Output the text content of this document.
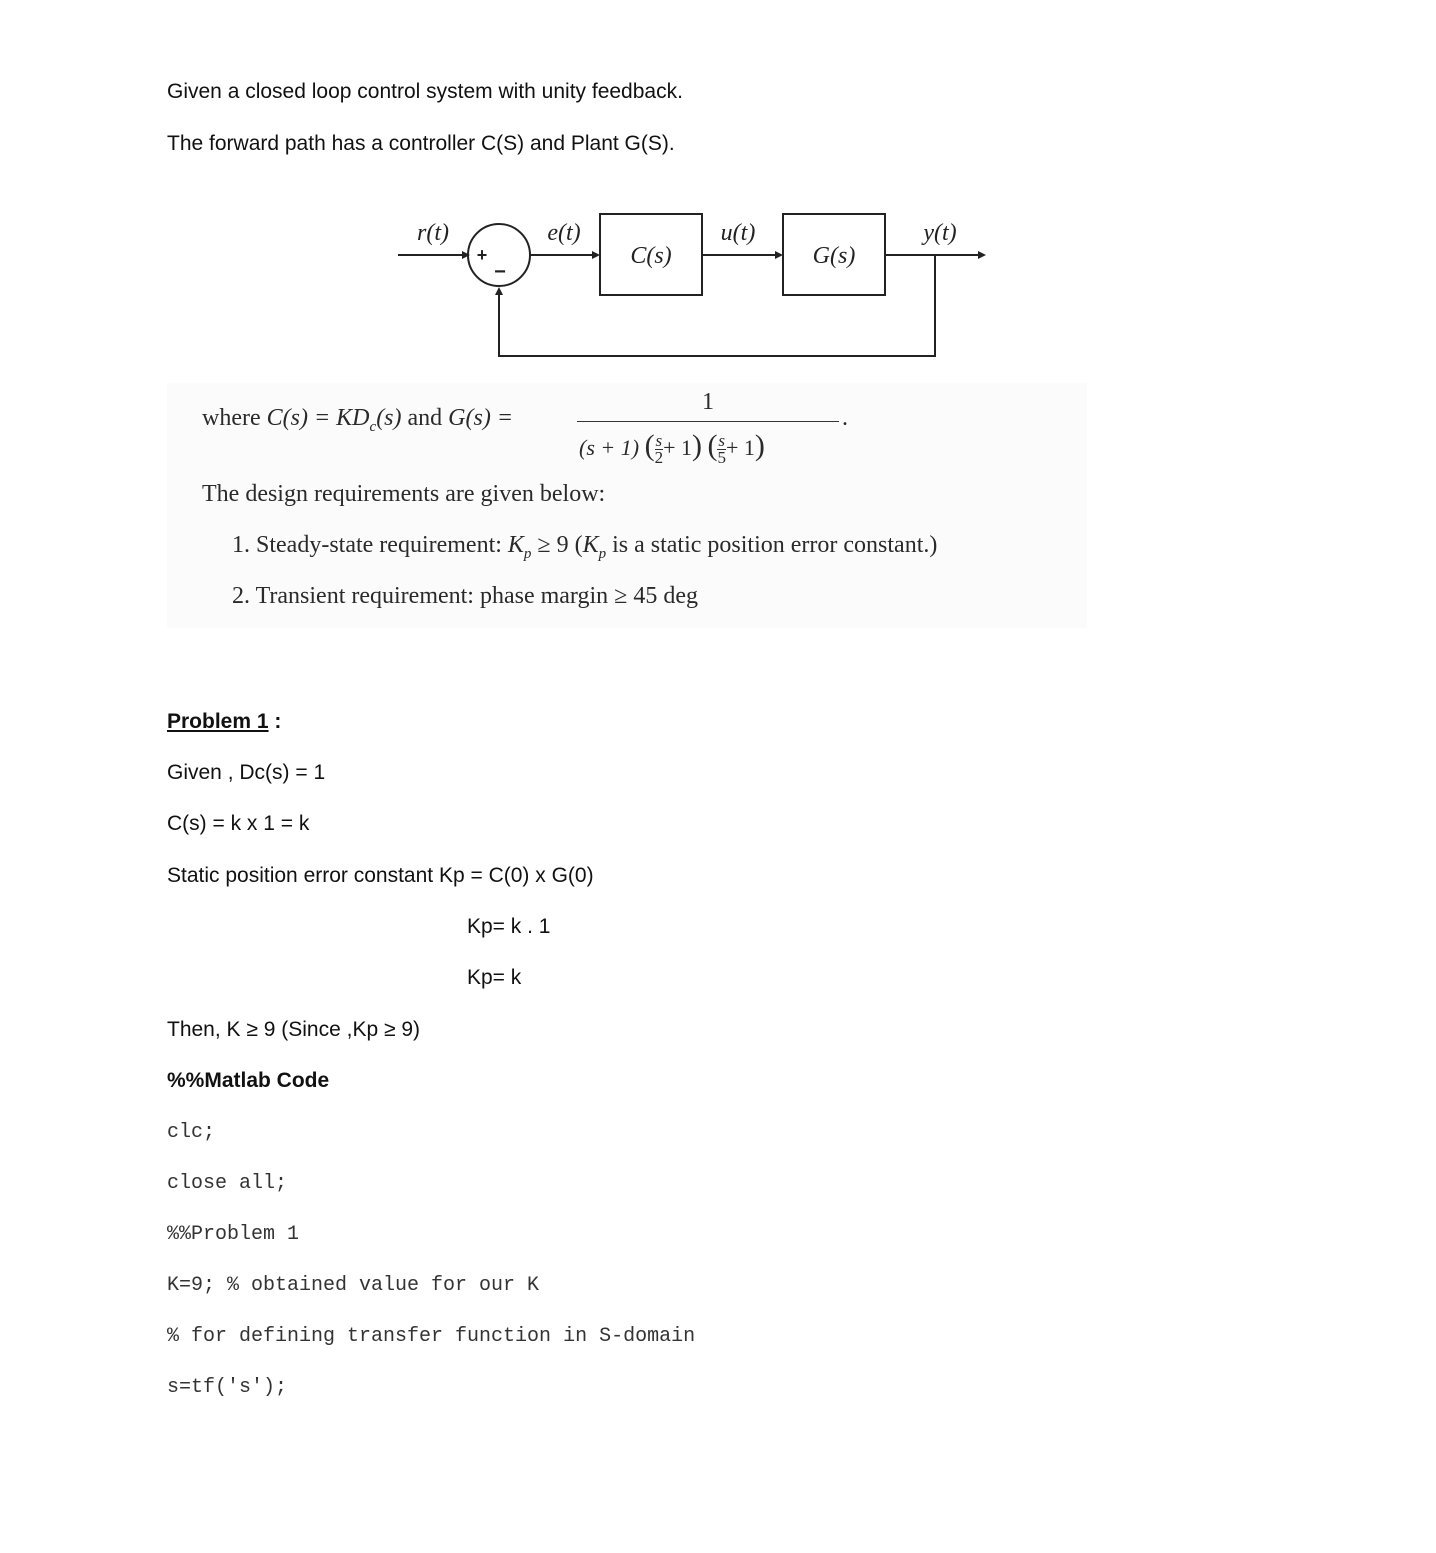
Given a closed loop control system with unity feedback.
The forward path has a controller C(S) and Plant G(S).
r(t)	e(t)	u(t)	y(t)
C(s)	G(s)
+
−
where $C(s) = KD_c(s)$ and G(s) =
1
(s + 1) ( $\frac{s}{2} + 1$) ( $\frac{s}{5} + 1$)
.
The design requirements are given below:
1. Steady-state requirement: $K_p \ge 9$ ($K_p$ is a static position error constant.)
2. Transient requirement: phase margin ≥ 45 deg
Problem 1 :
Given , Dc(s) = 1
C(s) = k x 1 = k
Static position error constant Kp = C(0) x G(0)
Kp= k . 1
Kp= k
Then, K ≥ 9 (Since ,Kp ≥ 9)
%%Matlab Code
clc;
close all;
%%Problem 1
K=9; % obtained value for our K
% for defining transfer function in S-domain
s=tf('s');
